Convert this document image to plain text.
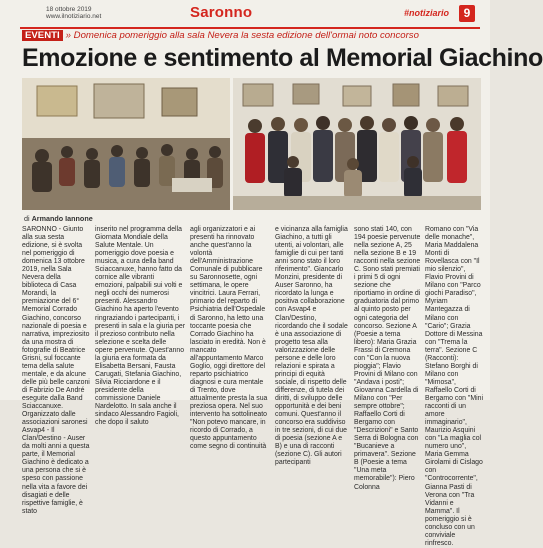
18 ottobre 2019
www.ilnotiziario.net	Saronno	#notiziario	9
EVENTI » Domenica pomeriggio alla sala Nevera la sesta edizione dell'ormai noto concorso
Emozione e sentimento al Memorial Giachino
di Armando Iannone

SARONNO - Giunto alla sua sesta edizione, si è svolta nel pomeriggio di domenica 13 ottobre 2019, nella Sala Nevera della biblioteca di Casa Morandi, la premiazione del 6° Memorial Corrado Giachino, concorso nazionale di poesia e narrativa, impreziosito da una mostra di fotografie di Beatrice Grisni, sul foccante tema della salute mentale, e da alcune delle più belle canzoni di Fabrizio De André eseguite dalla Band Sciaccanuxe. Organizzato dalle associazioni saronesi Asvap4 - Il Clan/Destino - Auser da molti anni a questa parte, il Memorial Giachino è dedicato a una persona che si è speso con passione nella vita a favore dei disagiati e delle rispettive famiglie, è stato

inserito nel programma della Giornata Mondiale della Salute Mentale. Un pomeriggio dove poesia e musica, a cura della band Sciaccanuxe, hanno fatto da cornice alle vibranti emozioni, palpabili sui volti e negli occhi dei numerosi presenti. Alessandro Giachino ha aperto l'evento ringraziando i partecipanti, i presenti in sala e la giuria per il prezioso contributo nella selezione e scelta delle opere pervenute. Quest'anno la giuria era formata da Elisabetta Bersani, Fausta Carugati, Stefania Giachino, Silvia Ricciardone e il presidente della commissione Daniele Nardelotto. In sala anche il sindaco Alessandro Fagioli, che dopo il saluto

agli organizzatori e ai presenti ha rinnovato anche quest'anno la volontà dell'Amministrazione Comunale di pubblicare su Saronnosette, ogni settimana, le opere vincitrici. Laura Ferrari, primario del reparto di Psichiatria dell'Ospedale di Saronno, ha letto una toccante poesia che Corrado Giachino ha lasciato in eredità. Non è mancato all'appuntamento Marco Goglio, oggi direttore del reparto psichiatrico diagnosi e cura mentale di Trento, dove attualmente presta la sua preziosa opera. Nel suo intervento ha sottolineato "Non potevo mancare, in ricordo di Corrado, a questo appuntamento come segno di continuità

e vicinanza alla famiglia Giachino, a tutti gli utenti, ai volontari, alle famiglie di cui per tanti anni sono stato il loro riferimento". Giancarlo Monzini, presidente di Auser Saronno, ha ricordato la lunga e positiva collaborazione con Asvap4 e Clan/Destino, ricordando che il sodale è una associazione di progetto tesa alla valorizzazione delle persone e delle loro relazioni e spirata a principi di equità sociale, di rispetto delle differenze, di tutela dei diritti, di sviluppo delle opportunità e dei beni comuni. Quest'anno il concorso era suddiviso in tre sezioni, di cui due di poesia (sezione A e B) e una di racconti (sezione C). Gli autori partecipanti

sono stati 140, con 194 poesie pervenute nella sezione A, 25 nella sezione B e 19 racconti nella sezione C. Sono stati premiati i primi 5 di ogni sezione che riportiamo in ordine di graduatoria dal primo al quinto posto per ogni categoria del concorso. Sezione A (Poesie a tema libero): Maria Grazia Frassi di Cremona con "Con la nuova pioggia"; Flavio Provini di Milano con "Andava i posti"; Giovanna Cardella di Milano con "Per sempre ottobre"; Raffaello Corti di Bergamo con "Descrizioni" e Santo Serra di Bologna con "Bucanieve a primavera". Sezione B (Poesie a tema "Una meta memorabile"): Piero Colonna

Romano con "Via delle monache", Maria Maddalena Monti di Rovellasca con "Il mio silenzio", Flavio Provini di Milano con "Parco giochi Paradiso", Myriam Mantegazza di Milano con "Cario"; Grazia Dottore di Messina con "Trema la terra". Sezione C (Racconti): Stefano Borghi di Milano con "Mimosa", Raffaello Corti di Bergamo con "Mini racconti di un amore immaginario", Maurizio Asquini con "La maglia col numero uno", Maria Gemma Girolami di Cislago con "Controcorrente", Gianna Pasti di Verona con "Tra Vidanni e Mamma". Il pomeriggio si è concluso con un conviviale rinfresco.
